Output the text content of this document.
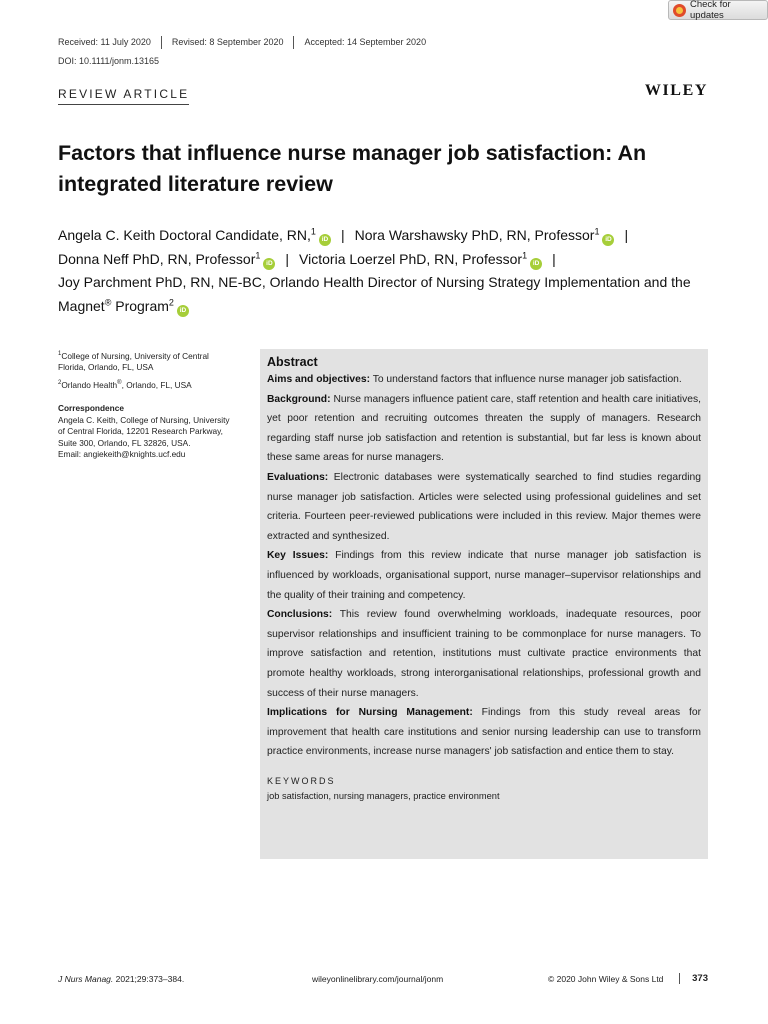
Check for updates
Received: 11 July 2020	Revised: 8 September 2020	Accepted: 14 September 2020
DOI: 10.1111/jonm.13165
REVIEW ARTICLE	WILEY
Factors that influence nurse manager job satisfaction: An integrated literature review
Angela C. Keith Doctoral Candidate, RN,$^1$iD | Nora Warshawsky PhD, RN, Professor$^1$iD |
Donna Neff PhD, RN, Professor$^1$iD | Victoria Loerzel PhD, RN, Professor$^1$iD |
Joy Parchment PhD, RN, NE-BC, Orlando Health Director of Nursing Strategy Implementation and the Magnet® Program$^2$iD
$^1$College of Nursing, University of Central Florida, Orlando, FL, USA
$^2$Orlando Health®, Orlando, FL, USA
Correspondence
Angela C. Keith, College of Nursing, University of Central Florida, 12201 Research Parkway, Suite 300, Orlando, FL 32826, USA.
Email: angiekeith@knights.ucf.edu
Abstract

Aims and objectives: To understand factors that influence nurse manager job satisfaction.

Background: Nurse managers influence patient care, staff retention and health care initiatives, yet poor retention and recruiting outcomes threaten the supply of managers. Research regarding staff nurse job satisfaction and retention is substantial, but far less is known about these same areas for nurse managers.

Evaluations: Electronic databases were systematically searched to find studies regarding nurse manager job satisfaction. Articles were selected using professional guidelines and set criteria. Fourteen peer-reviewed publications were included in this review. Major themes were extracted and synthesized.

Key Issues: Findings from this review indicate that nurse manager job satisfaction is influenced by workloads, organisational support, nurse manager–supervisor relationships and the quality of their training and competency.

Conclusions: This review found overwhelming workloads, inadequate resources, poor supervisor relationships and insufficient training to be commonplace for nurse managers. To improve satisfaction and retention, institutions must cultivate practice environments that promote healthy workloads, strong interorganisational relationships, professional growth and success of their nurse managers.

Implications for Nursing Management: Findings from this study reveal areas for improvement that health care institutions and senior nursing leadership can use to transform practice environments, increase nurse managers' job satisfaction and entice them to stay.

KEYWORDS
job satisfaction, nursing managers, practice environment
J Nurs Manag. 2021;29:373–384.	wileyonlinelibrary.com/journal/jonm	© 2020 John Wiley & Sons Ltd	373
